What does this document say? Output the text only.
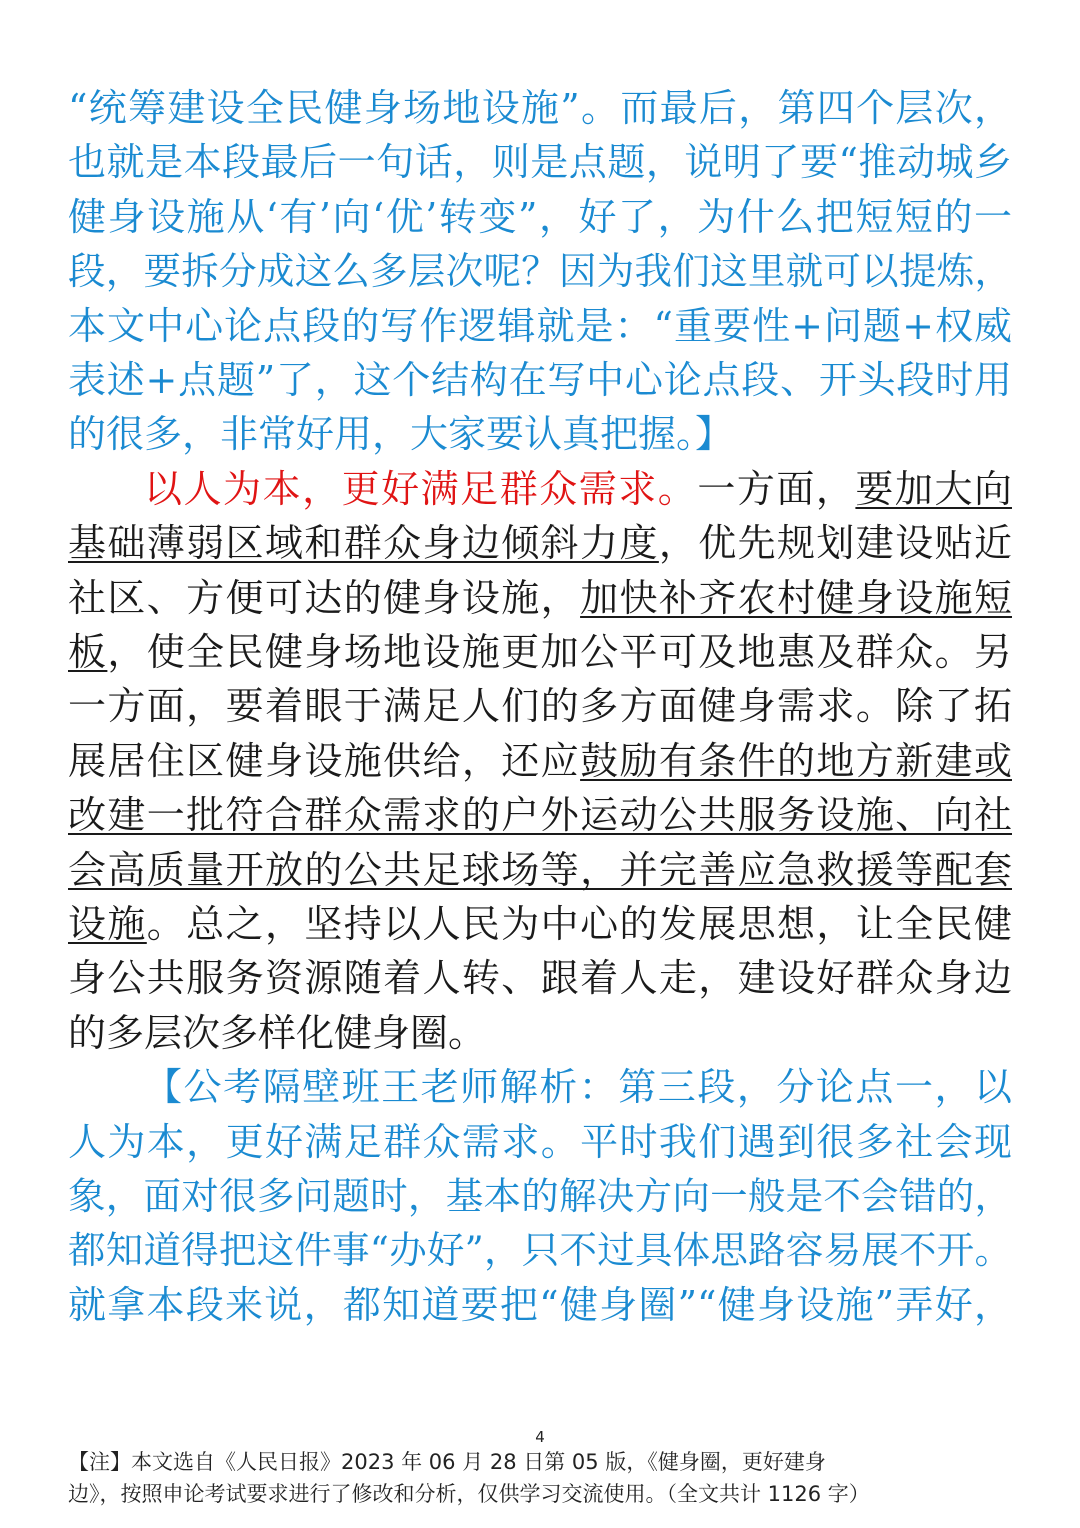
“统筹建设全民健身场地设施”。而最后，第四个层次，
也就是本段最后一句话，则是点题，说明了要“推动城乡
健身设施从‘有’向‘优’转变”，好了，为什么把短短的一
段，要拆分成这么多层次呢？因为我们这里就可以提炼，
本文中心论点段的写作逻辑就是：“重要性+问题+权威
表述+点题”了，这个结构在写中心论点段、开头段时用
的很多，非常好用，大家要认真把握。】
以人为本，更好满足群众需求。一方面，要加大向
基础薄弱区域和群众身边倾斜力度，优先规划建设贴近
社区、方便可达的健身设施，加快补齐农村健身设施短
板，使全民健身场地设施更加公平可及地惠及群众。另
一方面，要着眼于满足人们的多方面健身需求。除了拓
展居住区健身设施供给，还应鼓励有条件的地方新建或
改建一批符合群众需求的户外运动公共服务设施、向社
会高质量开放的公共足球场等，并完善应急救援等配套
设施。总之，坚持以人民为中心的发展思想，让全民健
身公共服务资源随着人转、跟着人走，建设好群众身边
的多层次多样化健身圈。
【公考隔壁班王老师解析：第三段，分论点一，以
人为本，更好满足群众需求。平时我们遇到很多社会现
象，面对很多问题时，基本的解决方向一般是不会错的，
都知道得把这件事“办好”，只不过具体思路容易展不开。
就拿本段来说，都知道要把“健身圈”“健身设施”弄好，
4
【注】本文选自《人民日报》2023 年 06 月 28 日第 05 版，《健身圈，更好建身
边》，按照申论考试要求进行了修改和分析，仅供学习交流使用。（全文共计 1126 字）
